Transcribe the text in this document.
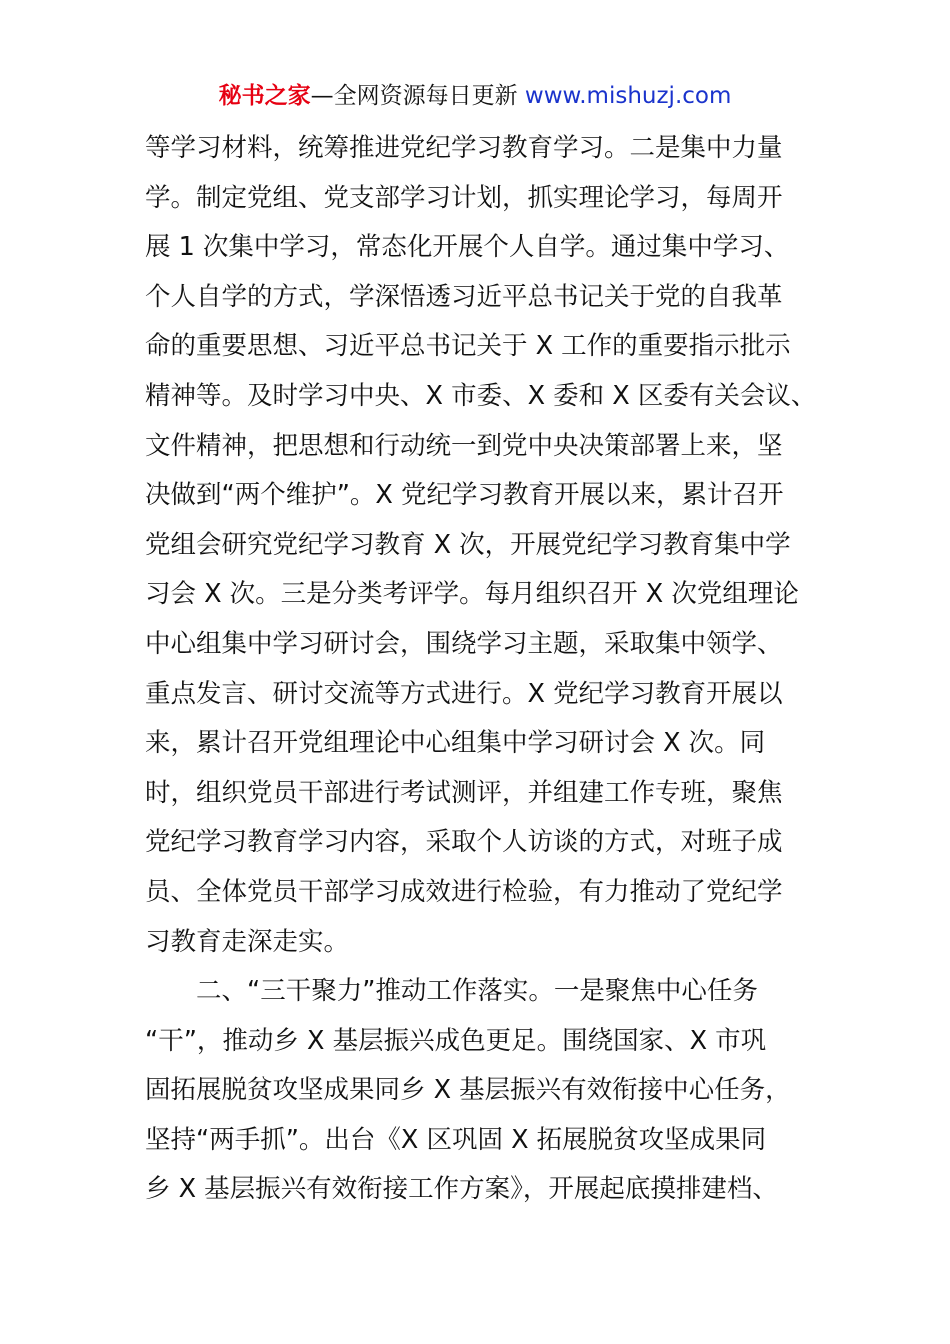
秘书之家—全网资源每日更新 www.mishuzj.com
等学习材料，统筹推进党纪学习教育学习。二是集中力量
学。制定党组、党支部学习计划，抓实理论学习，每周开
展 1 次集中学习，常态化开展个人自学。通过集中学习、
个人自学的方式，学深悟透习近平总书记关于党的自我革
命的重要思想、习近平总书记关于 X 工作的重要指示批示
精神等。及时学习中央、X 市委、X 委和 X 区委有关会议、
文件精神，把思想和行动统一到党中央决策部署上来，坚
决做到“两个维护”。X 党纪学习教育开展以来，累计召开
党组会研究党纪学习教育 X 次，开展党纪学习教育集中学
习会 X 次。三是分类考评学。每月组织召开 X 次党组理论
中心组集中学习研讨会，围绕学习主题，采取集中领学、
重点发言、研讨交流等方式进行。X 党纪学习教育开展以
来，累计召开党组理论中心组集中学习研讨会 X 次。同
时，组织党员干部进行考试测评，并组建工作专班，聚焦
党纪学习教育学习内容，采取个人访谈的方式，对班子成
员、全体党员干部学习成效进行检验，有力推动了党纪学
习教育走深走实。
二、“三干聚力”推动工作落实。一是聚焦中心任务
“干”，推动乡 X 基层振兴成色更足。围绕国家、X 市巩
固拓展脱贫攻坚成果同乡 X 基层振兴有效衔接中心任务，
坚持“两手抓”。出台《X 区巩固 X 拓展脱贫攻坚成果同
乡 X 基层振兴有效衔接工作方案》，开展起底摸排建档、
